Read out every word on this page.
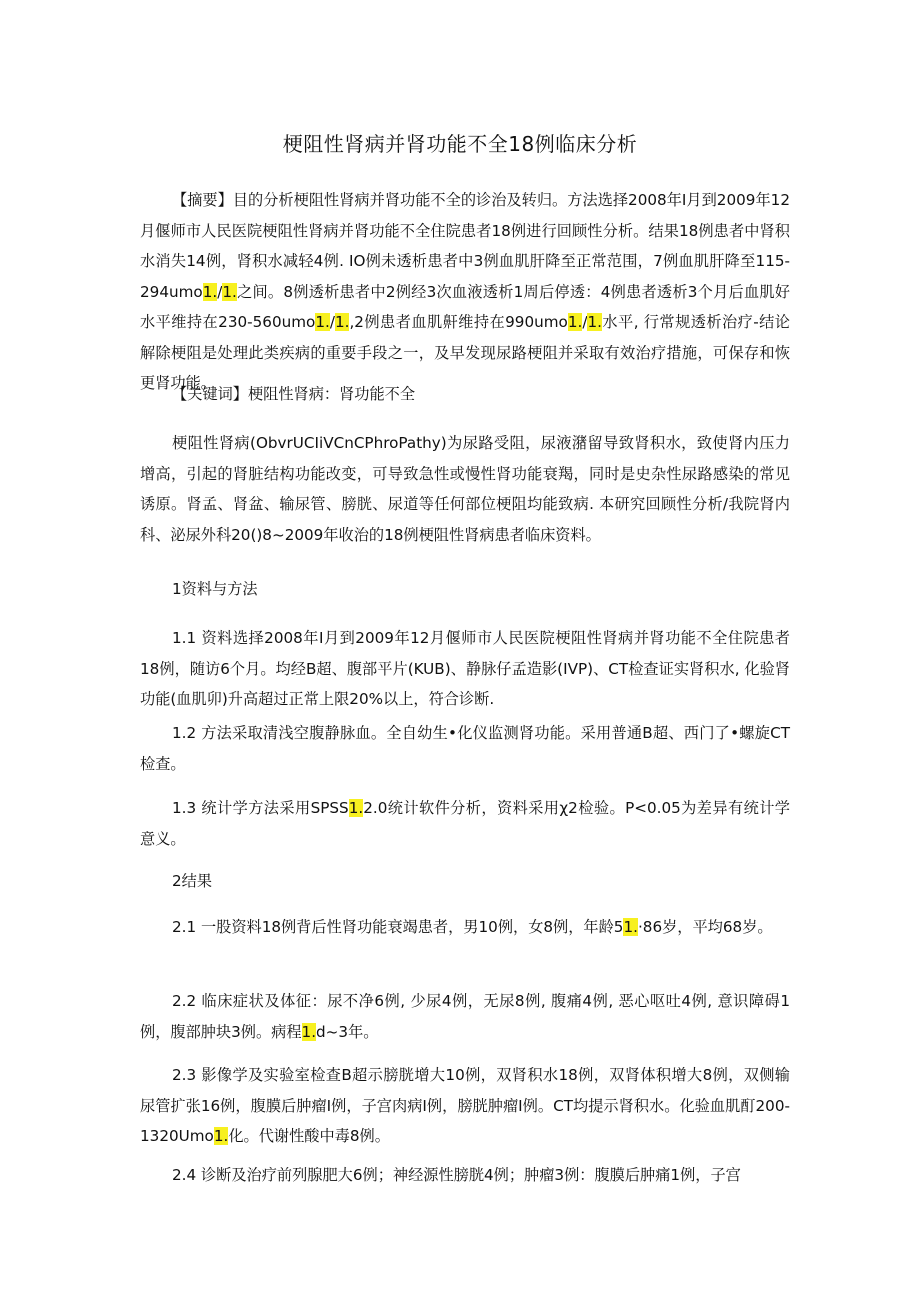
梗阻性肾病并肾功能不全18例临床分析

【摘要】目的分析梗阻性肾病并肾功能不全的诊治及转归。方法选择2008年I月到2009年12月偃师市人民医院梗阻性肾病并肾功能不全住院患者18例进行回顾性分析。结果18例患者中肾积水消失14例，肾积水减轻4例. IO例未透析患者中3例血肌肝降至正常范围，7例血肌肝降至115-294umo1./1.之间。8例透析患者中2例经3次血液透析1周后停透：4例患者透析3个月后血肌好水平维持在230-560umo1./1.,2例患者血肌鼾维持在990umo1./1.水平, 行常规透析治疗-结论解除梗阻是处理此类疾病的重要手段之一，及早发现尿路梗阻并采取有效治疗措施，可保存和恢更肾功能。

【关键词】梗阻性肾病：肾功能不全

梗阻性肾病(ObvrUCIiVCnCPhroPathy)为尿路受阻，尿液潴留导致肾积水，致使肾内压力增高，引起的肾脏结构功能改变，可导致急性或慢性肾功能衰羯，同时是史杂性尿路感染的常见诱原。肾孟、肾盆、输尿管、膀胱、尿道等任何部位梗阻均能致病. 本研究回顾性分析/我院肾内科、泌尿外科20()8~2009年收治的18例梗阻性肾病患者临床资料。

1资料与方法

1.1 资料选择2008年I月到2009年12月偃师市人民医院梗阻性肾病并肾功能不全住院患者18例，随访6个月。均经B超、腹部平片(KUB)、静脉仔孟造影(IVP)、CT检查证实肾积水, 化验肾功能(血肌卯)升高超过正常上限20%以上，符合诊断.

1.2 方法采取清浅空腹静脉血。全自幼生•化仪监测肾功能。采用普通B超、西门了•螺旋CT检查。

1.3 统计学方法采用SPSS1.2.0统计软件分析，资料采用χ2检验。P<0.05为差异有统计学意义。

2结果

2.1 一股资料18例背后性肾功能衰竭患者，男10例，女8例，年龄51.·86岁，平均68岁。

2.2 临床症状及体征：尿不净6例, 少尿4例，无尿8例, 腹痛4例, 恶心呕吐4例, 意识障碍1例，腹部肿块3例。病程1.d~3年。

2.3 影像学及实验室检查B超示膀胱增大10例，双肾积水18例，双肾体积增大8例，双侧输尿管扩张16例，腹膜后肿瘤I例，子宫肉病I例，膀胱肿瘤I例。CT均提示肾积水。化验血肌酊200-1320Umo1.化。代谢性酸中毒8例。

2.4 诊断及治疗前列腺肥大6例；神经源性膀胱4例；肿瘤3例：腹膜后肿痛1例，子宫
